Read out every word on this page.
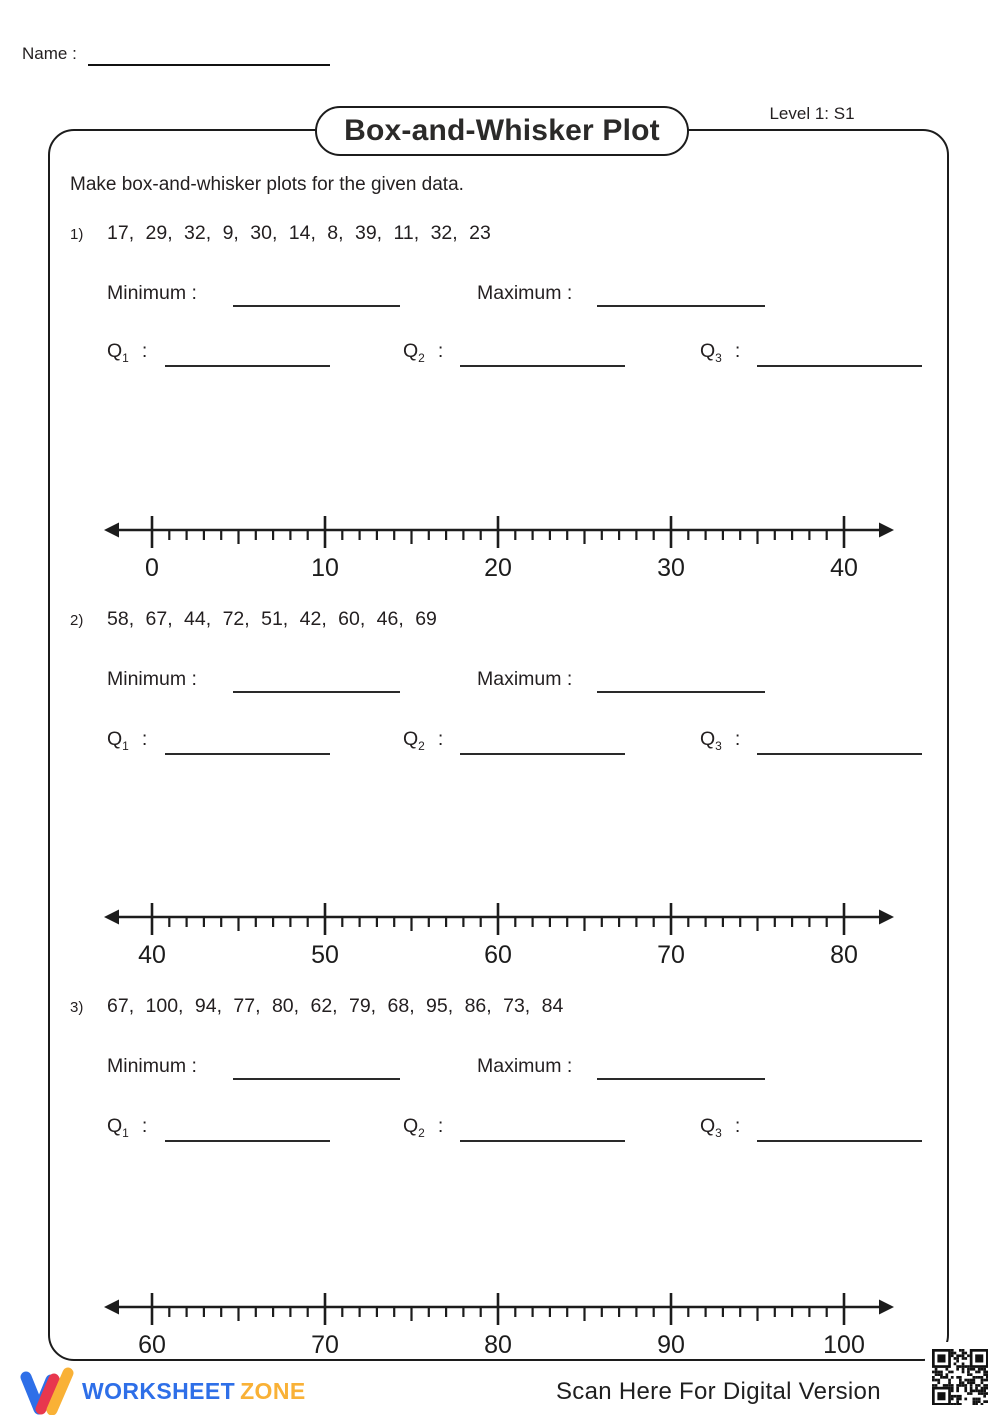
Name :
Box-and-Whisker Plot
Level 1: S1
Make box-and-whisker plots for the given data.
1) 17, 29, 32, 9, 30, 14, 8, 39, 11, 32, 23
Minimum :	Maximum :
$Q_1$ :	$Q_2$ :	$Q_3$ :
0	10	20	30	40
2) 58, 67, 44, 72, 51, 42, 60, 46, 69
Minimum :	Maximum :
$Q_1$ :	$Q_2$ :	$Q_3$ :
40	50	60	70	80
3) 67, 100, 94, 77, 80, 62, 79, 68, 95, 86, 73, 84
Minimum :	Maximum :
$Q_1$ :	$Q_2$ :	$Q_3$ :
60	70	80	90	100
WORKSHEET ZONE	Scan Here For Digital Version
